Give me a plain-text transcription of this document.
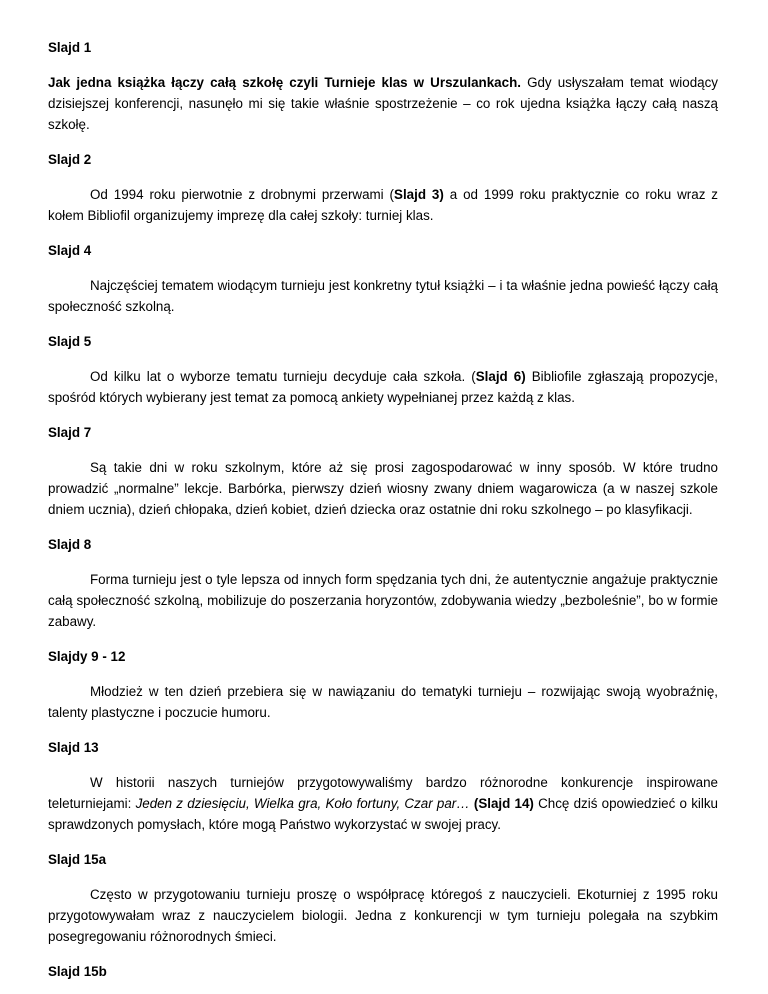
Slajd 1
Jak jedna książka łączy całą szkołę czyli Turnieje klas w Urszulankach. Gdy usłyszałam temat wiodący dzisiejszej konferencji, nasunęło mi się takie właśnie spostrzeżenie – co rok ujedna książka łączy całą naszą szkołę.
Slajd 2
Od 1994 roku pierwotnie z drobnymi przerwami (Slajd 3) a od 1999 roku praktycznie co roku wraz z kołem Bibliofil organizujemy imprezę dla całej szkoły: turniej klas.
Slajd 4
Najczęściej tematem wiodącym turnieju jest konkretny tytuł książki – i ta właśnie jedna powieść łączy całą społeczność szkolną.
Slajd 5
Od kilku lat o wyborze tematu turnieju decyduje cała szkoła. (Slajd 6) Bibliofile zgłaszają propozycje, spośród których wybierany jest temat za pomocą ankiety wypełnianej przez każdą z klas.
Slajd 7
Są takie dni w roku szkolnym, które aż się prosi zagospodarować w inny sposób. W które trudno prowadzić „normalne” lekcje. Barbórka, pierwszy dzień wiosny zwany dniem wagarowicza (a w naszej szkole dniem ucznia), dzień chłopaka, dzień kobiet, dzień dziecka oraz ostatnie dni roku szkolnego – po klasyfikacji.
Slajd 8
Forma turnieju jest o tyle lepsza od innych form spędzania tych dni, że autentycznie angażuje praktycznie całą społeczność szkolną, mobilizuje do poszerzania horyzontów, zdobywania wiedzy „bezboleśnie”, bo w formie zabawy.
Slajdy 9 - 12
Młodzież w ten dzień przebiera się w nawiązaniu do tematyki turnieju – rozwijając swoją wyobraźnię, talenty plastyczne i poczucie humoru.
Slajd 13
W historii naszych turniejów przygotowywaliśmy bardzo różnorodne konkurencje inspirowane teleturniejami: Jeden z dziesięciu, Wielka gra, Koło fortuny, Czar par… (Slajd 14) Chcę dziś opowiedzieć o kilku sprawdzonych pomysłach, które mogą Państwo wykorzystać w swojej pracy.
Slajd 15a
Często w przygotowaniu turnieju proszę o współpracę któregoś z nauczycieli. Ekoturniej z 1995 roku przygotowywałam wraz z nauczycielem biologii. Jedna z konkurencji w tym turnieju polegała na szybkim posegregowaniu różnorodnych śmieci.
Slajd 15b
